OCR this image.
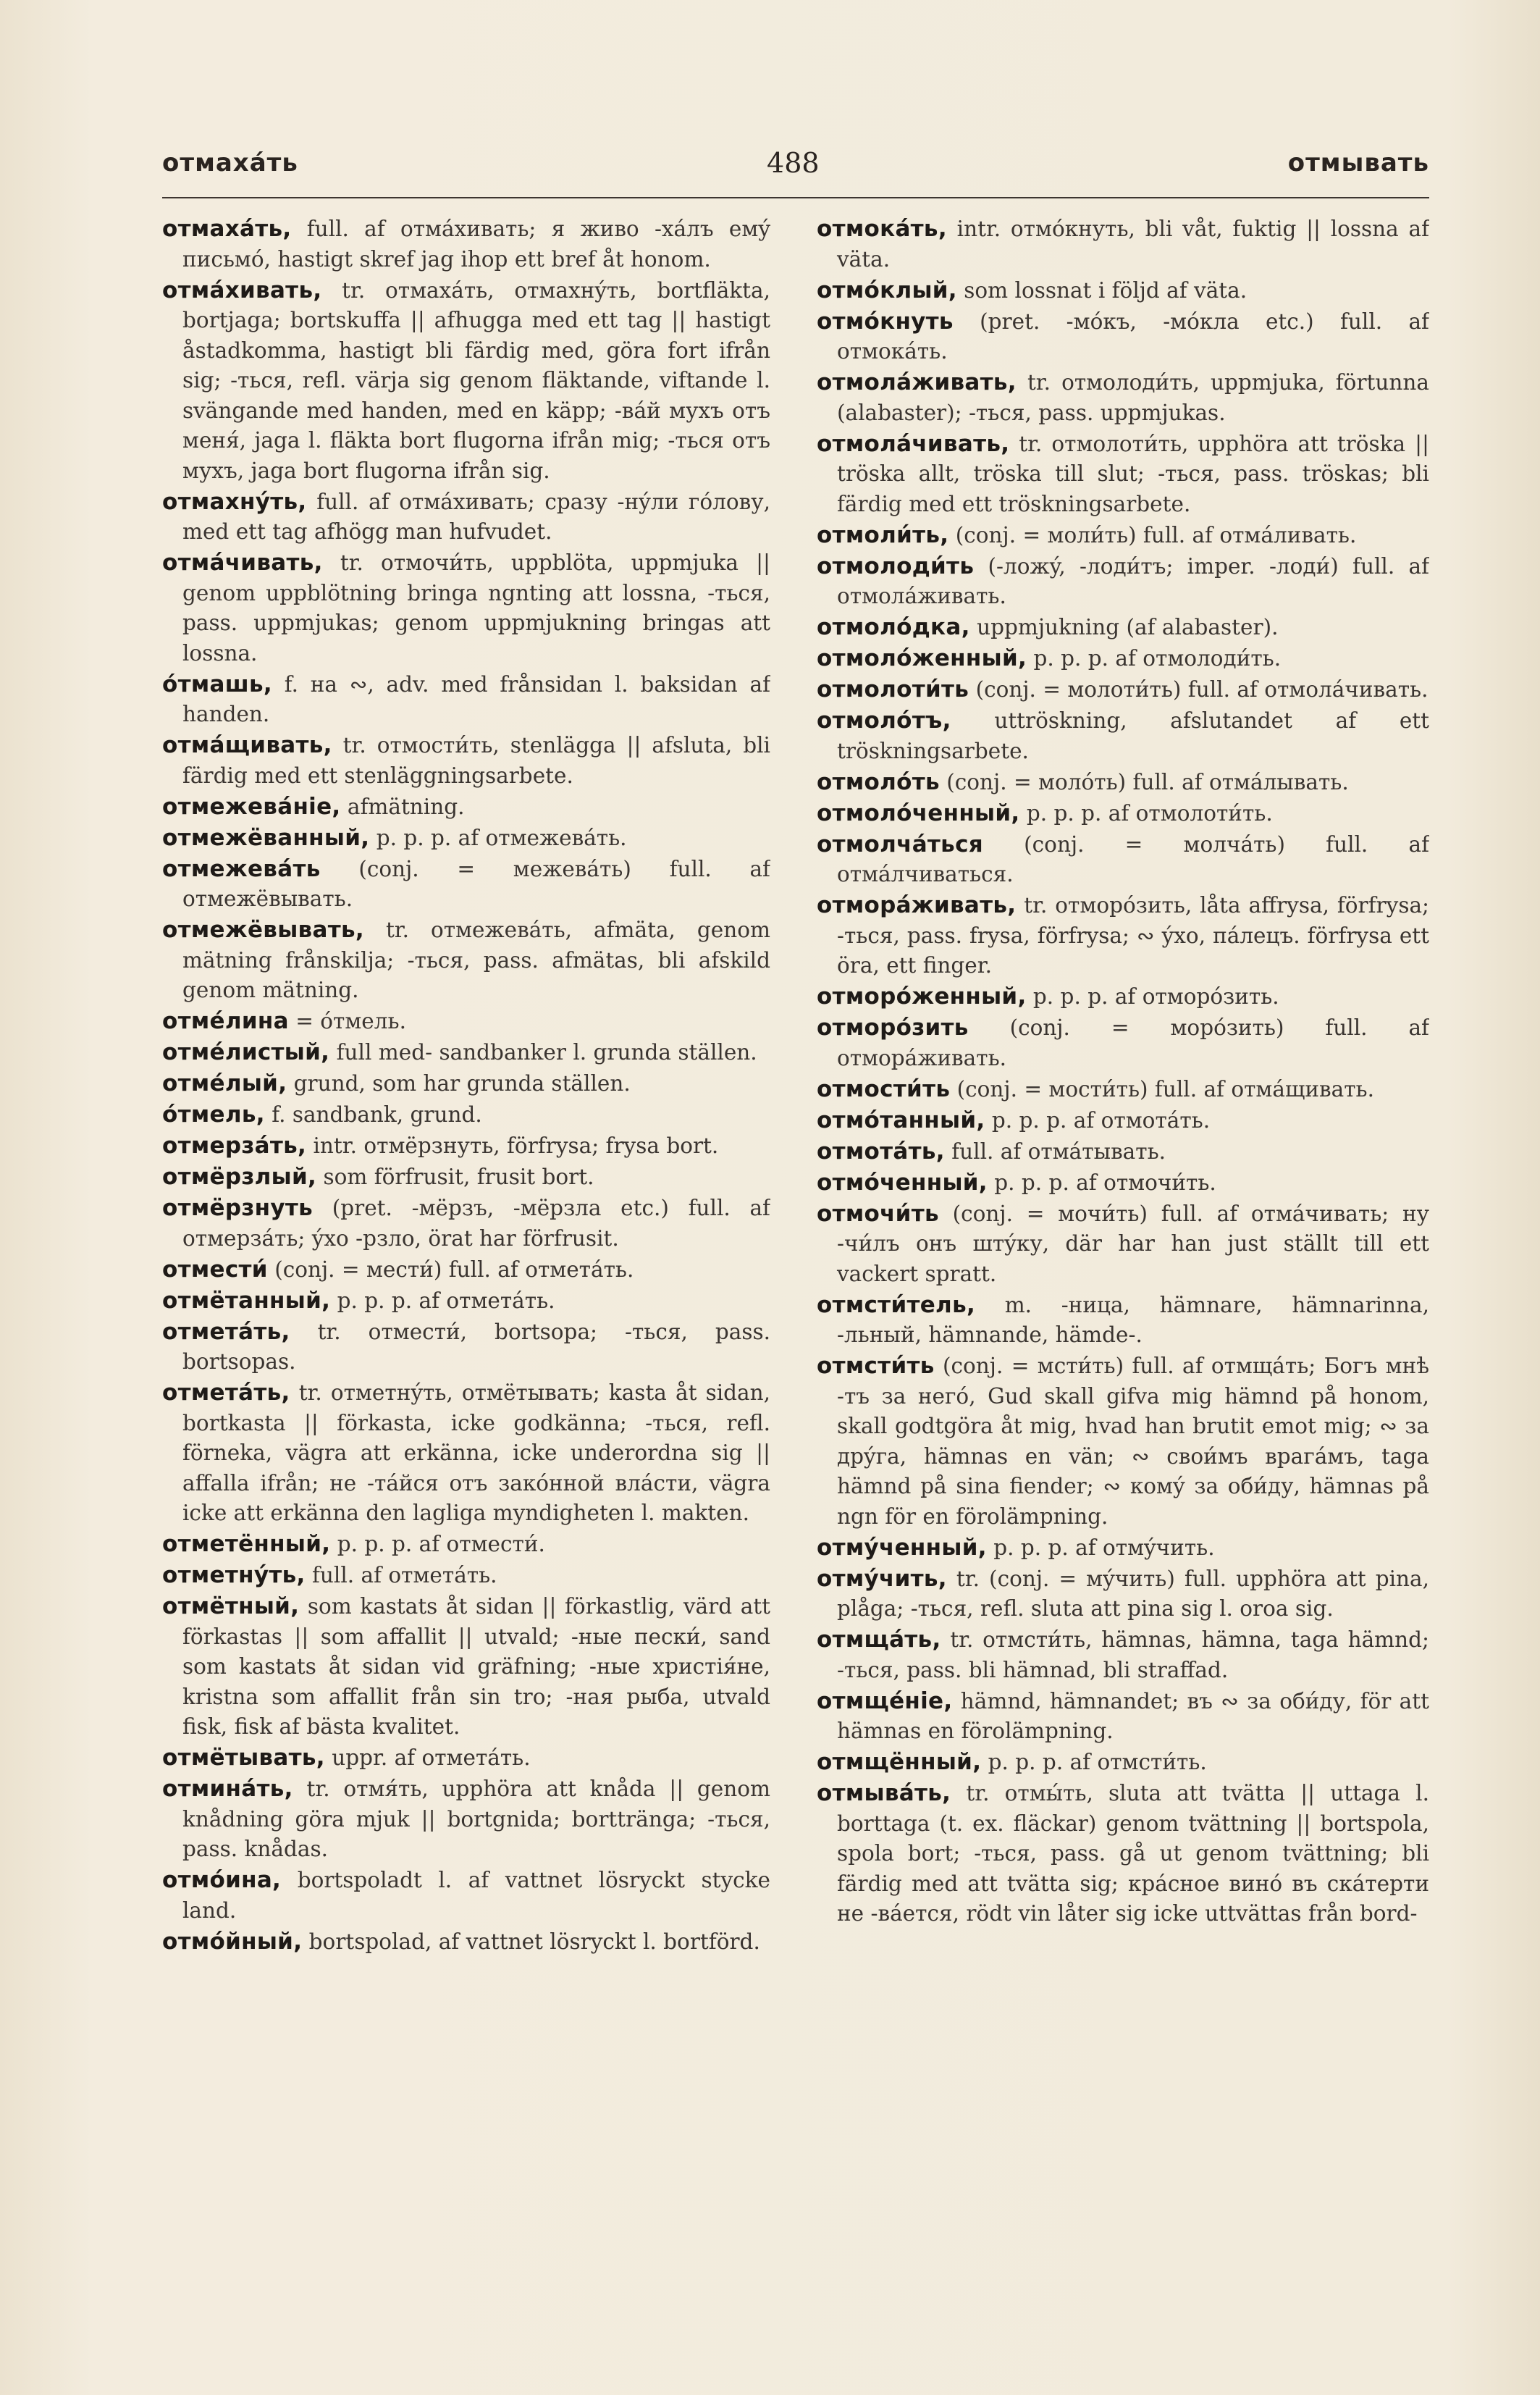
отмахáть	488	отмывать

отмахáть, full. af отмáхивать; я живо -хáлъ емý письмó, hastigt skref jag ihop ett bref åt honom.

отмáхивать, tr. отмахáть, отмахнýть, bortfläkta, bortjaga; bortskuffa || afhugga med ett tag || hastigt åstadkomma, hastigt bli färdig med, göra fort ifrån sig; -ться, refl. värja sig genom fläktande, viftande l. svängande med handen, med en käpp; -вáй мухъ отъ меня́, jaga l. fläkta bort flugorna ifrån mig; -ться отъ мухъ, jaga bort flugorna ifrån sig.

отмахнýть, full. af отмáхивать; сразу -нýли гóлову, med ett tag afhögg man hufvudet.

отмáчивать, tr. отмочи́ть, uppblöta, uppmjuka || genom uppblötning bringa ngnting att lossna, -ться, pass. uppmjukas; genom uppmjukning bringas att lossna.

óтмашь, f. на ∾, adv. med frånsidan l. baksidan af handen.

отмáщивать, tr. отмости́ть, stenlägga || afsluta, bli färdig med ett stenläggningsarbete.

отмежевáніе, afmätning.

отмежёванный, p. p. p. af отмежевáть.

отмежевáть (conj. = межевáть) full. af отмежёвывать.

отмежёвывать, tr. отмежевáть, afmäta, genom mätning frånskilja; -ться, pass. afmätas, bli afskild genom mätning.

отмéлина = óтмель.

отмéлистый, full med- sandbanker l. grunda ställen.

отмéлый, grund, som har grunda ställen.

óтмель, f. sandbank, grund.

отмерзáть, intr. отмёрзнуть, förfrysa; frysa bort.

отмёрзлый, som förfrusit, frusit bort.

отмёрзнуть (pret. -мёрзъ, -мёрзла etc.) full. af отмерзáть; ýхо -рзло, örat har förfrusit.

отмести́ (conj. = мести́) full. af отметáть.

отмётанный, p. p. p. af отметáть.

отметáть, tr. отмести́, bortsopa; -ться, pass. bortsopas.

отметáть, tr. отметнýть, отмётывать; kasta åt sidan, bortkasta || förkasta, icke godkänna; -ться, refl. förneka, vägra att erkänna, icke underordna sig || affalla ifrån; не -тáйся отъ закóнной влáсти, vägra icke att erkänna den lagliga myndigheten l. makten.

отметённый, p. p. p. af отмести́.

отметнýть, full. af отметáть.

отмётный, som kastats åt sidan || förkastlig, värd att förkastas || som affallit || utvald; -ные пески́, sand som kastats åt sidan vid gräfning; -ные христія́не, kristna som affallit från sin tro; -ная рыба, utvald fisk, fisk af bästa kvalitet.

отмётывать, uppr. af отметáть.

отминáть, tr. отмя́ть, upphöra att knåda || genom knådning göra mjuk || bortgnida; borttränga; -ться, pass. knådas.

отмóина, bortspoladt l. af vattnet lösryckt stycke land.

отмóйный, bortspolad, af vattnet lösryckt l. bortförd.

отмокáть, intr. отмóкнуть, bli våt, fuktig || lossna af väta.

отмóклый, som lossnat i följd af väta.

отмóкнуть (pret. -мóкъ, -мóкла etc.) full. af отмокáть.

отмолáживать, tr. отмолоди́ть, uppmjuka, förtunna (alabaster); -ться, pass. uppmjukas.

отмолáчивать, tr. отмолоти́ть, upphöra att tröska || tröska allt, tröska till slut; -ться, pass. tröskas; bli färdig med ett tröskningsarbete.

отмоли́ть, (conj. = моли́ть) full. af отмáливать.

отмолоди́ть (-ложý, -лоди́тъ; imper. -лоди́) full. af отмолáживать.

отмолóдка, uppmjukning (af alabaster).

отмолóженный, p. p. p. af отмолоди́ть.

отмолоти́ть (conj. = молоти́ть) full. af отмолáчивать.

отмолóтъ, uttröskning, afslutandet af ett tröskningsarbete.

отмолóть (conj. = молóть) full. af отмáлывать.

отмолóченный, p. p. p. af отмолоти́ть.

отмолчáться (conj. = молчáть) full. af отмáлчиваться.

отморáживать, tr. отморóзить, låta affrysa, förfrysa; -ться, pass. frysa, förfrysa; ∾ ýхо, пáлецъ. förfrysa ett öra, ett finger.

отморóженный, p. p. p. af отморóзить.

отморóзить (conj. = морóзить) full. af отморáживать.

отмости́ть (conj. = мости́ть) full. af отмáщивать.

отмóтанный, p. p. p. af отмотáть.

отмотáть, full. af отмáтывать.

отмóченный, p. p. p. af отмочи́ть.

отмочи́ть (conj. = мочи́ть) full. af отмáчивать; ну -чи́лъ онъ штýку, där har han just ställt till ett vackert spratt.

отмсти́тель, m. -ница, hämnare, hämnarinna, -льный, hämnande, hämde-.

отмсти́ть (conj. = мсти́ть) full. af отмщáть; Богъ мнѣ -тъ за негó, Gud skall gifva mig hämnd på honom, skall godtgöra åt mig, hvad han brutit emot mig; ∾ за дрýга, hämnas en vän; ∾ свои́мъ врагáмъ, taga hämnd på sina fiender; ∾ комý за оби́ду, hämnas på ngn för en förolämpning.

отмýченный, p. p. p. af отмýчить.

отмýчить, tr. (conj. = мýчить) full. upphöra att pina, plåga; -ться, refl. sluta att pina sig l. oroa sig.

отмщáть, tr. отмсти́ть, hämnas, hämna, taga hämnd; -ться, pass. bli hämnad, bli straffad.

отмщéніе, hämnd, hämnandet; въ ∾ за оби́ду, för att hämnas en förolämpning.

отмщённый, p. p. p. af отмсти́ть.

отмывáть, tr. отмы́ть, sluta att tvätta || uttaga l. borttaga (t. ex. fläckar) genom tvättning || bortspola, spola bort; -ться, pass. gå ut genom tvättning; bli färdig med att tvätta sig; крáсное винó въ скáтерти не -вáется, rödt vin låter sig icke uttvättas från bord-
